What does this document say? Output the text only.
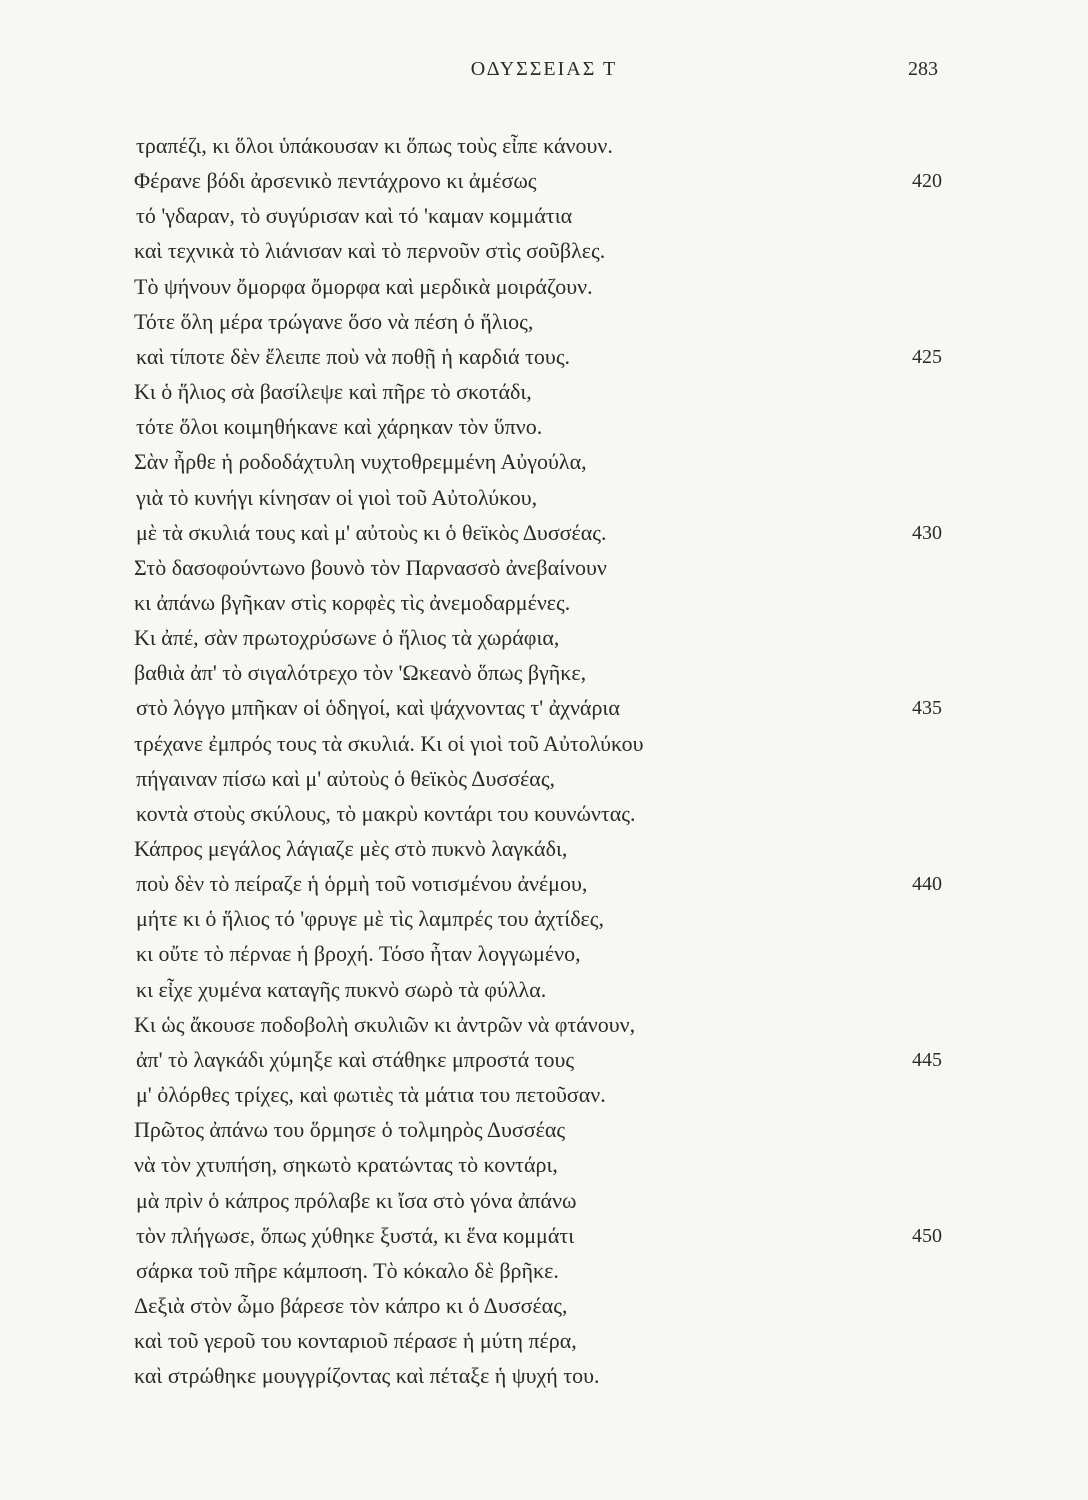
ΟΔΥΣΣΕΙΑΣ Τ	283
τραπέζι, κι ὅλοι ὑπάκουσαν κι ὅπως τοὺς εἶπε κάνουν.
Φέρανε βόδι ἀρσενικὸ πεντάχρονο κι ἀμέσως	420
τό 'γδαραν, τὸ συγύρισαν καὶ τό 'καμαν κομμάτια
καὶ τεχνικὰ τὸ λιάνισαν καὶ τὸ περνοῦν στὶς σοῦβλες.
Τὸ ψήνουν ὄμορφα ὄμορφα καὶ μερδικὰ μοιράζουν.
Τότε ὅλη μέρα τρώγανε ὅσο νὰ πέση ὁ ἥλιος,
καὶ τίποτε δὲν ἔλειπε ποὺ νὰ ποθῇ ἡ καρδιά τους.	425
Κι ὁ ἥλιος σὰ βασίλεψε καὶ πῆρε τὸ σκοτάδι,
τότε ὅλοι κοιμηθήκανε καὶ χάρηκαν τὸν ὕπνο.
Σὰν ἦρθε ἡ ροδοδάχτυλη νυχτοθρεμμένη Αὐγούλα,
γιὰ τὸ κυνήγι κίνησαν οἱ γιοὶ τοῦ Αὐτολύκου,
μὲ τὰ σκυλιά τους καὶ μ' αὐτοὺς κι ὁ θεϊκὸς Δυσσέας.	430
Στὸ δασοφούντωνο βουνὸ τὸν Παρνασσὸ ἀνεβαίνουν
κι ἀπάνω βγῆκαν στὶς κορφὲς τὶς ἀνεμοδαρμένες.
Κι ἀπέ, σὰν πρωτοχρύσωνε ὁ ἥλιος τὰ χωράφια,
βαθιὰ ἀπ' τὸ σιγαλότρεχο τὸν 'Ωκεανὸ ὅπως βγῆκε,
στὸ λόγγο μπῆκαν οἱ ὁδηγοί, καὶ ψάχνοντας τ' ἀχνάρια	435
τρέχανε ἐμπρός τους τὰ σκυλιά. Κι οἱ γιοὶ τοῦ Αὐτολύκου
πήγαιναν πίσω καὶ μ' αὐτοὺς ὁ θεϊκὸς Δυσσέας,
κοντὰ στοὺς σκύλους, τὸ μακρὺ κοντάρι του κουνώντας.
Κάπρος μεγάλος λάγιαζε μὲς στὸ πυκνὸ λαγκάδι,
ποὺ δὲν τὸ πείραζε ἡ ὁρμὴ τοῦ νοτισμένου ἀνέμου,	440
μήτε κι ὁ ἥλιος τό 'φρυγε μὲ τὶς λαμπρές του ἀχτίδες,
κι οὔτε τὸ πέρναε ἡ βροχή. Τόσο ἦταν λογγωμένο,
κι εἶχε χυμένα καταγῆς πυκνὸ σωρὸ τὰ φύλλα.
Κι ὡς ἄκουσε ποδοβολὴ σκυλιῶν κι ἀντρῶν νὰ φτάνουν,
ἀπ' τὸ λαγκάδι χύμηξε καὶ στάθηκε μπροστά τους	445
μ' ὀλόρθες τρίχες, καὶ φωτιὲς τὰ μάτια του πετοῦσαν.
Πρῶτος ἀπάνω του ὅρμησε ὁ τολμηρὸς Δυσσέας
νὰ τὸν χτυπήση, σηκωτὸ κρατώντας τὸ κοντάρι,
μὰ πρὶν ὁ κάπρος πρόλαβε κι ἴσα στὸ γόνα ἀπάνω
τὸν πλήγωσε, ὅπως χύθηκε ξυστά, κι ἕνα κομμάτι	450
σάρκα τοῦ πῆρε κάμποση. Τὸ κόκαλο δὲ βρῆκε.
Δεξιὰ στὸν ὦμο βάρεσε τὸν κάπρο κι ὁ Δυσσέας,
καὶ τοῦ γεροῦ του κονταριοῦ πέρασε ἡ μύτη πέρα,
καὶ στρώθηκε μουγγρίζοντας καὶ πέταξε ἡ ψυχή του.
